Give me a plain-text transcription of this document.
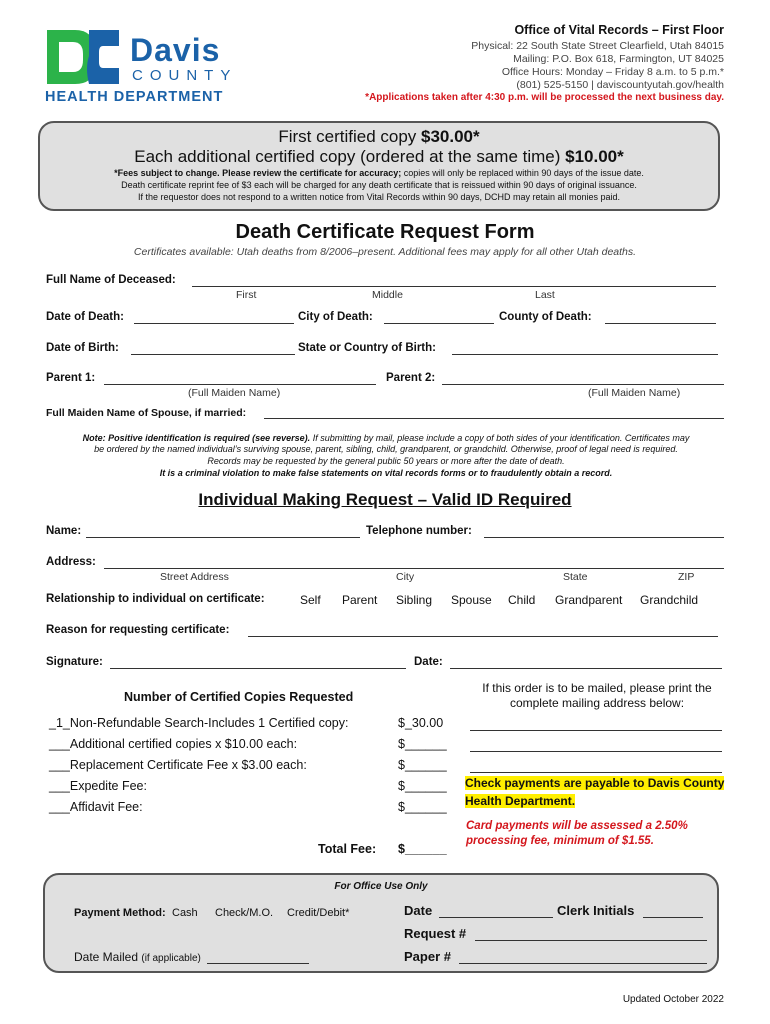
Davis
COUNTY
HEALTH DEPARTMENT
Office of Vital Records – First Floor
Physical: 22 South State Street Clearfield, Utah 84015
Mailing: P.O. Box 618, Farmington, UT 84025
Office Hours: Monday – Friday 8 a.m. to 5 p.m.*
(801) 525-5150 | daviscountyutah.gov/health
*Applications taken after 4:30 p.m. will be processed the next business day.
First certified copy $30.00*
Each additional certified copy (ordered at the same time) $10.00*
*Fees subject to change. Please review the certificate for accuracy; copies will only be replaced within 90 days of the issue date.
Death certificate reprint fee of $3 each will be charged for any death certificate that is reissued within 90 days of original issuance.
If the requestor does not respond to a written notice from Vital Records within 90 days, DCHD may retain all monies paid.
Death Certificate Request Form
Certificates available: Utah deaths from 8/2006–present. Additional fees may apply for all other Utah deaths.
Full Name of Deceased:
First	Middle	Last
Date of Death:	City of Death:	County of Death:
Date of Birth:	State or Country of Birth:
Parent 1:	Parent 2:
(Full Maiden Name)	(Full Maiden Name)
Full Maiden Name of Spouse, if married:
Note: Positive identification is required (see reverse). If submitting by mail, please include a copy of both sides of your identification. Certificates may
be ordered by the named individual’s surviving spouse, parent, sibling, child, grandparent, or grandchild. Otherwise, proof of legal need is required.
Records may be requested by the general public 50 years or more after the date of death.
It is a criminal violation to make false statements on vital records forms or to fraudulently obtain a record.
Individual Making Request – Valid ID Required
Name:	Telephone number:
Address:
Street Address	City	State	ZIP
Relationship to individual on certificate:	Self Parent Sibling Spouse Child Grandparent Grandchild
Reason for requesting certificate:
Signature:	Date:
Number of Certified Copies Requested
_1_Non-Refundable Search-Includes 1 Certified copy:	$_30.00
___Additional certified copies x $10.00 each:	$______
___Replacement Certificate Fee x $3.00 each:	$______
___Expedite Fee:	$______
___Affidavit Fee:	$______
Total Fee: $______
If this order is to be mailed, please print the complete mailing address below:
Check payments are payable to Davis County Health Department.
Card payments will be assessed a 2.50% processing fee, minimum of $1.55.
For Office Use Only
Payment Method: Cash Check/M.O. Credit/Debit*	Date	Clerk Initials
Request #
Paper #
Date Mailed (if applicable)
Updated October 2022
